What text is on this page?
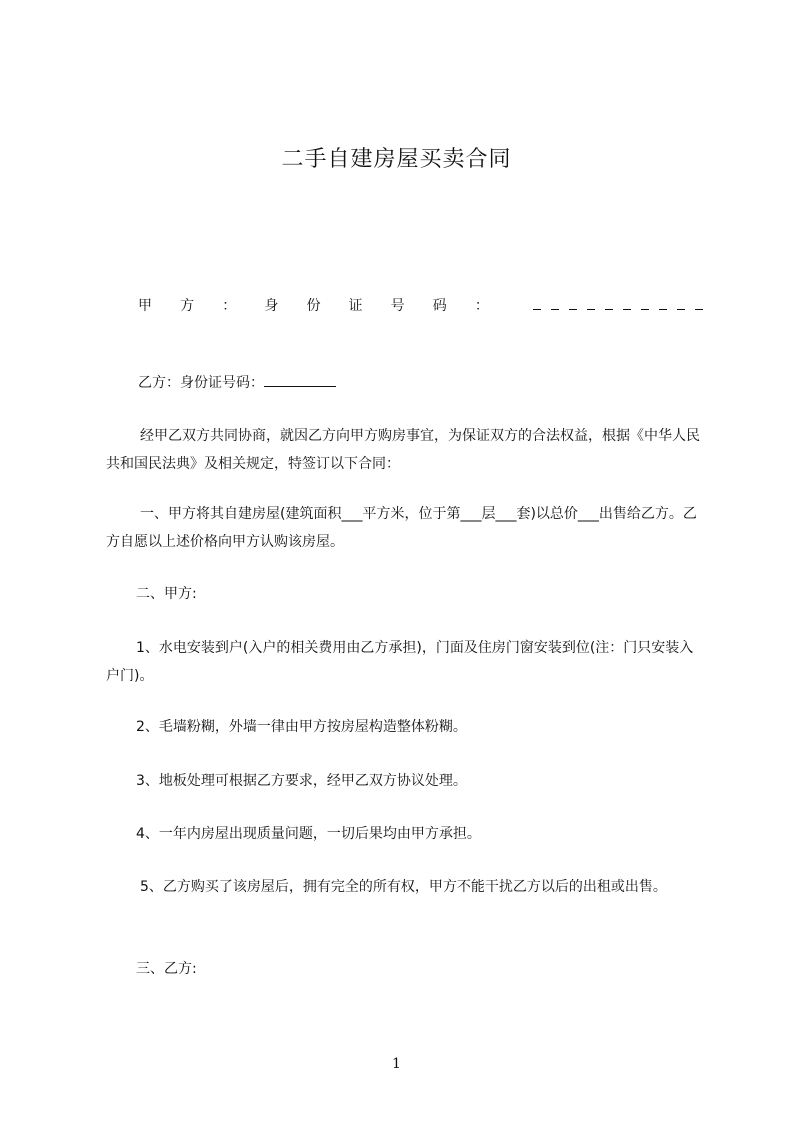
二手自建房屋买卖合同
甲 方 ： 身 份 证 号 码 ：
乙方：身份证号码：

经甲乙双方共同协商，就因乙方向甲方购房事宜，为保证双方的合法权益，根据《中华人民共和国民法典》及相关规定，特签订以下合同：

一、甲方将其自建房屋(建筑面积___平方米，位于第___层___套)以总价___出售给乙方。乙方自愿以上述价格向甲方认购该房屋。

二、甲方:

1、水电安装到户(入户的相关费用由乙方承担)，门面及住房门窗安装到位(注：门只安装入户门)。

2、毛墙粉糊，外墙一律由甲方按房屋构造整体粉糊。

3、地板处理可根据乙方要求，经甲乙双方协议处理。

4、一年内房屋出现质量问题，一切后果均由甲方承担。

5、乙方购买了该房屋后，拥有完全的所有权，甲方不能干扰乙方以后的出租或出售。

三、乙方:

1
